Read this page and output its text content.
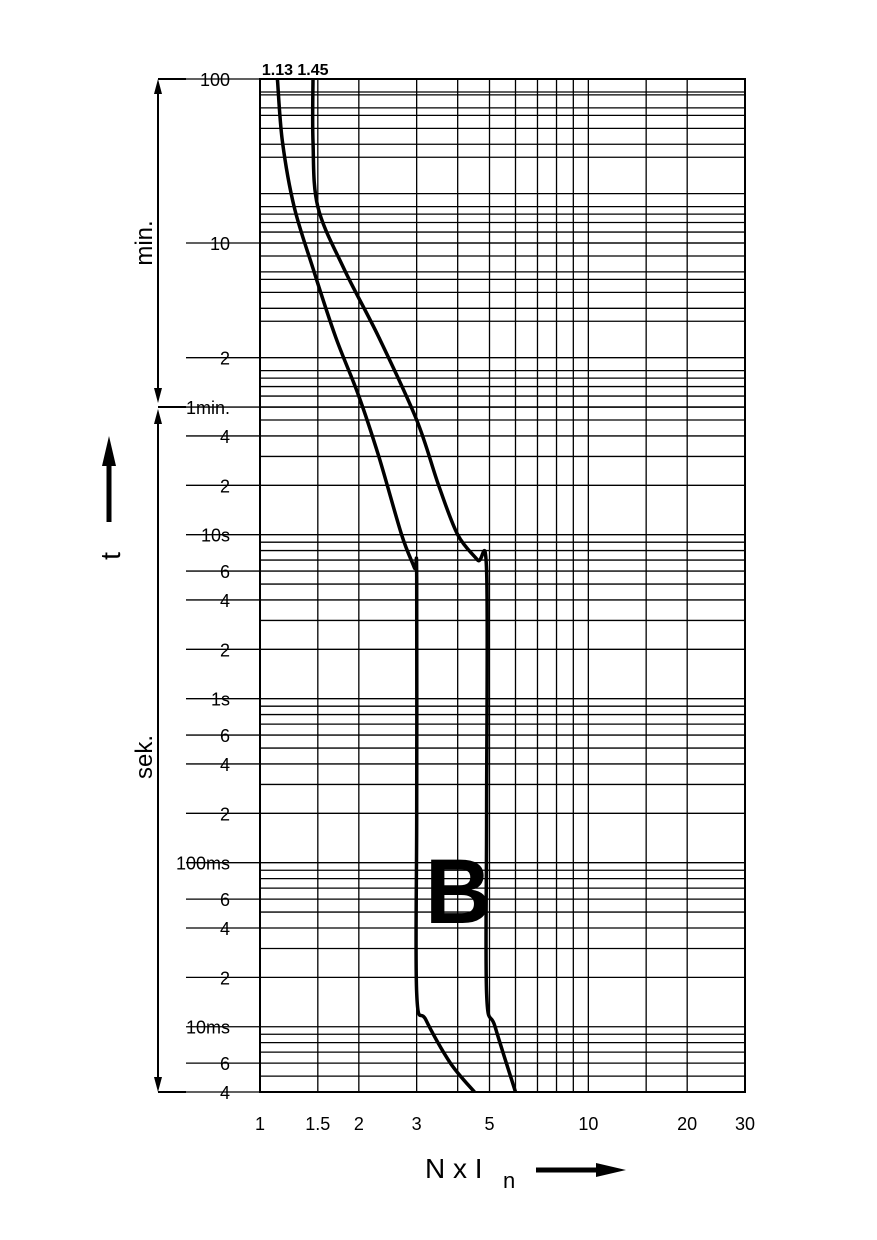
100
10
2
1min.
4
2
10s
6
4
2
1s
6
4
2
100ms
6
4
2
10ms
6
4
1 1.5 2	3	5	10	20 30
1.13 1.45
min.
sek.
t
N x I n
B
